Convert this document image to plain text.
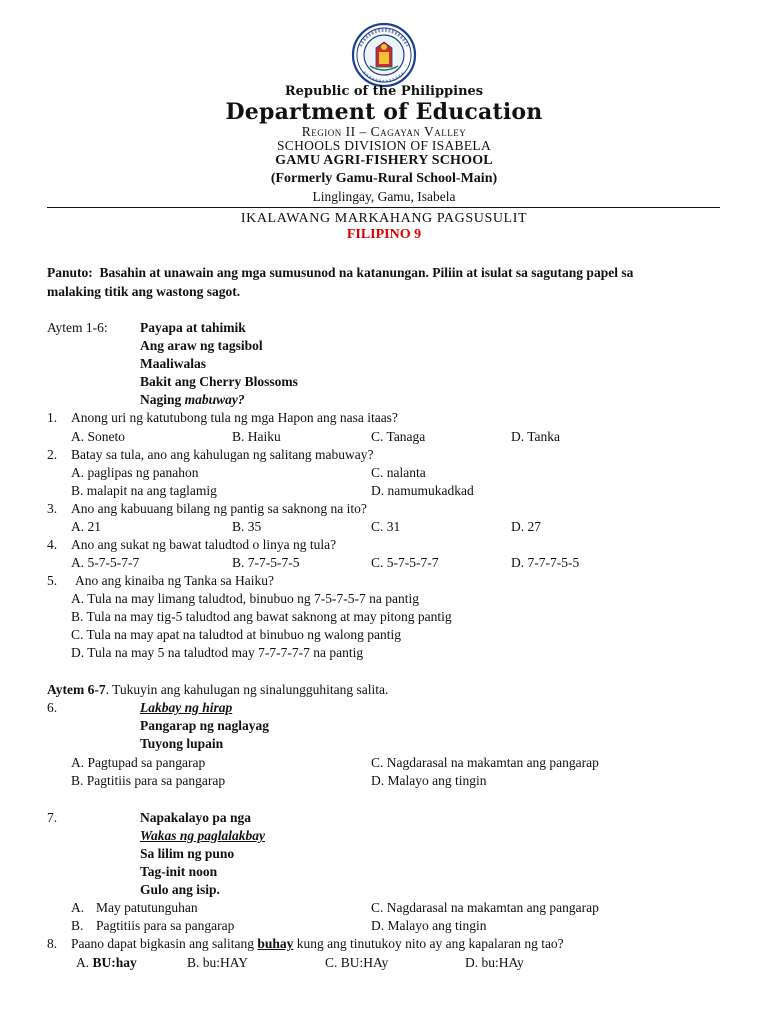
Republic of the Philippines
Department of Education
Region II – Cagayan Valley
SCHOOLS DIVISION OF ISABELA
GAMU AGRI-FISHERY SCHOOL
(Formerly Gamu-Rural School-Main)
Linglingay, Gamu, Isabela
IKALAWANG MARKAHANG PAGSUSULIT
FILIPINO 9
Panuto: Basahin at unawain ang mga sumusunod na katanungan. Piliin at isulat sa sagutang papel sa
malaking titik ang wastong sagot.
Aytem 1-6: Payapa at tahimik
Ang araw ng tagsibol
Maaliwalas
Bakit ang Cherry Blossoms
Naging mabuway?
1. Anong uri ng katutubong tula ng mga Hapon ang nasa itaas?
A. Soneto	B. Haiku	C. Tanaga	D. Tanka
2. Batay sa tula, ano ang kahulugan ng salitang mabuway?
A. paglipas ng panahon	C. nalanta
B. malapit na ang taglamig	D. namumukadkad
3. Ano ang kabuuang bilang ng pantig sa saknong na ito?
A. 21	B. 35	C. 31	D. 27
4. Ano ang sukat ng bawat taludtod o linya ng tula?
A. 5-7-5-7-7	B. 7-7-5-7-5	C. 5-7-5-7-7	D. 7-7-7-5-5
5. Ano ang kinaiba ng Tanka sa Haiku?
A. Tula na may limang taludtod, binubuo ng 7-5-7-5-7 na pantig
B. Tula na may tig-5 taludtod ang bawat saknong at may pitong pantig
C. Tula na may apat na taludtod at binubuo ng walong pantig
D. Tula na may 5 na taludtod may 7-7-7-7-7 na pantig
Aytem 6-7. Tukuyin ang kahulugan ng sinalungguhitang salita.
6.	Lakbay ng hirap
Pangarap ng naglayag
Tuyong lupain
A. Pagtupad sa pangarap	C. Nagdarasal na makamtan ang pangarap
B. Pagtitiis para sa pangarap	D. Malayo ang tingin
7.	Napakalayo pa nga
Wakas ng paglalakbay
Sa lilim ng puno
Tag-init noon
Gulo ang isip.
A. May patutunguhan	C. Nagdarasal na makamtan ang pangarap
B. Pagtitiis para sa pangarap	D. Malayo ang tingin
8. Paano dapat bigkasin ang salitang buhay kung ang tinutukoy nito ay ang kapalaran ng tao?
A. BU:hay	B. bu:HAY	C. BU:HAy	D. bu:HAy
